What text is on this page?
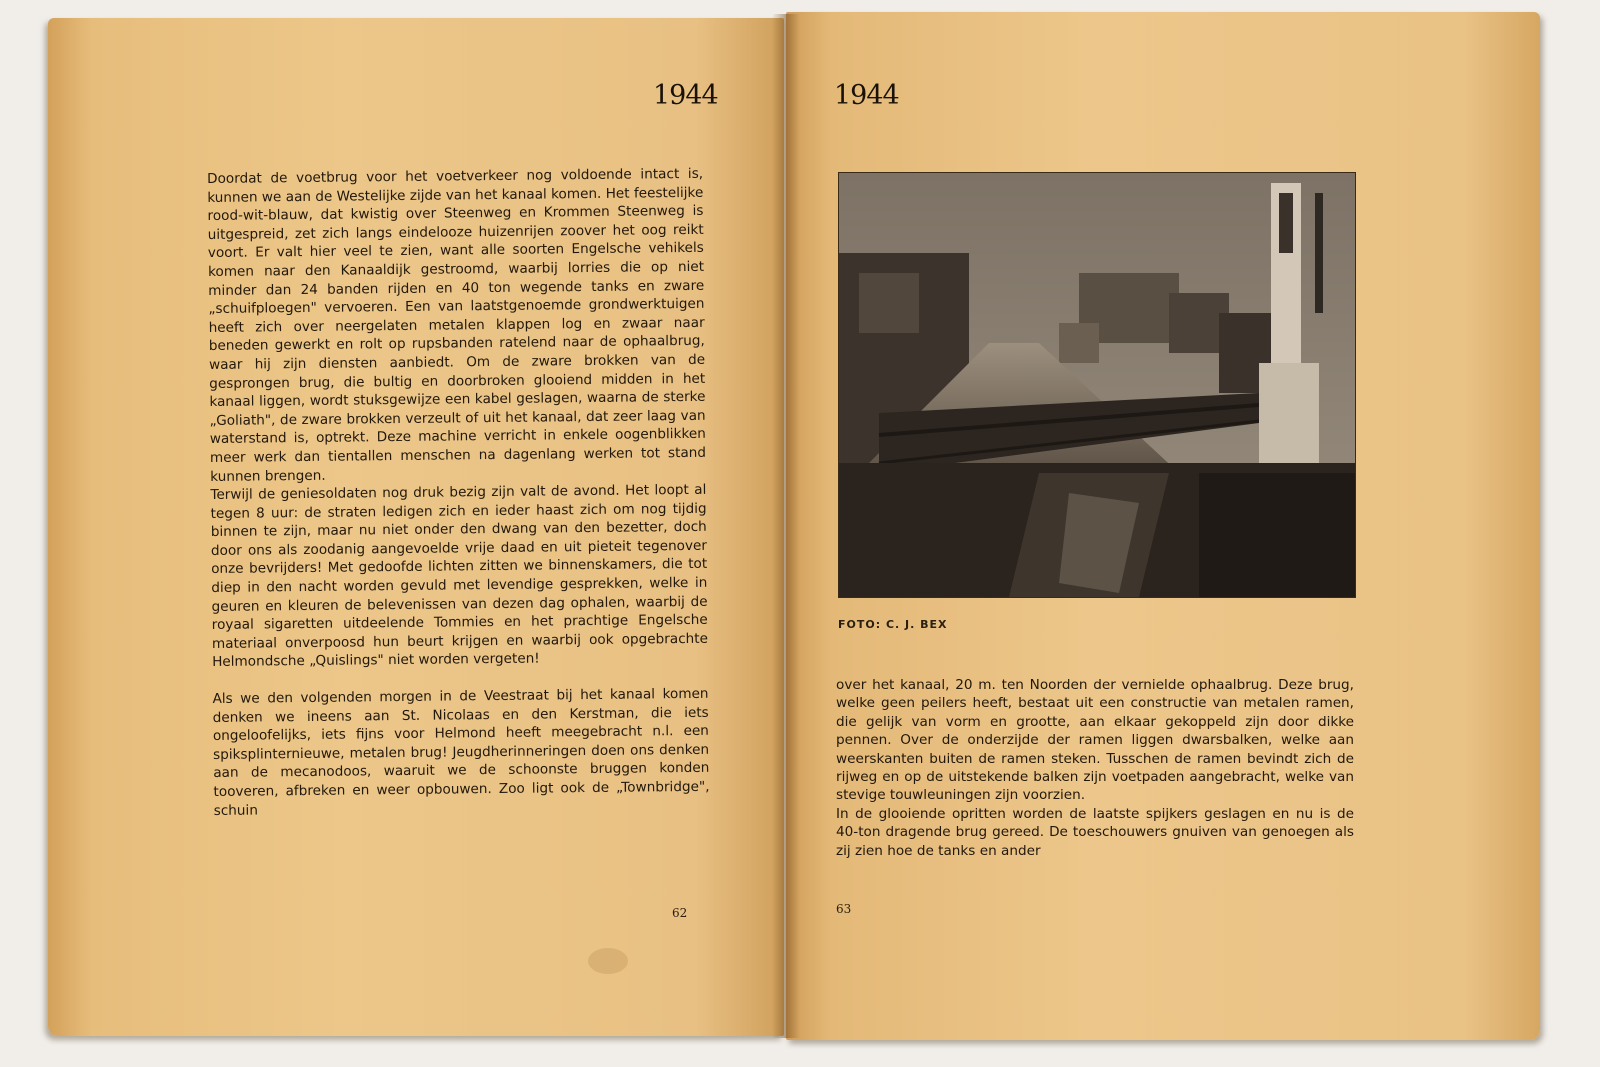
1944

Doordat de voetbrug voor het voetverkeer nog voldoende intact is, kunnen we aan de Westelijke zijde van het kanaal komen. Het feestelijke rood-wit-blauw, dat kwistig over Steenweg en Krommen Steenweg is uitgespreid, zet zich langs eindelooze huizenrijen zoover het oog reikt voort. Er valt hier veel te zien, want alle soorten Engelsche vehikels komen naar den Kanaaldijk gestroomd, waarbij lorries die op niet minder dan 24 banden rijden en 40 ton wegende tanks en zware „schuifploegen" vervoeren. Een van laatstgenoemde grondwerktuigen heeft zich over neergelaten metalen klappen log en zwaar naar beneden gewerkt en rolt op rupsbanden ratelend naar de ophaalbrug, waar hij zijn diensten aanbiedt. Om de zware brokken van de gesprongen brug, die bultig en doorbroken glooiend midden in het kanaal liggen, wordt stuksgewijze een kabel geslagen, waarna de sterke „Goliath", de zware brokken verzeult of uit het kanaal, dat zeer laag van waterstand is, optrekt. Deze machine verricht in enkele oogenblikken meer werk dan tientallen menschen na dagenlang werken tot stand kunnen brengen.
Terwijl de geniesoldaten nog druk bezig zijn valt de avond. Het loopt al tegen 8 uur: de straten ledigen zich en ieder haast zich om nog tijdig binnen te zijn, maar nu niet onder den dwang van den bezetter, doch door ons als zoodanig aangevoelde vrije daad en uit pieteit tegenover onze bevrijders! Met gedoofde lichten zitten we binnenskamers, die tot diep in den nacht worden gevuld met levendige gesprekken, welke in geuren en kleuren de belevenissen van dezen dag ophalen, waarbij de royaal sigaretten uitdeelende Tommies en het prachtige Engelsche materiaal onverpoosd hun beurt krijgen en waarbij ook opgebrachte Helmondsche „Quislings" niet worden vergeten!

Als we den volgenden morgen in de Veestraat bij het kanaal komen denken we ineens aan St. Nicolaas en den Kerstman, die iets ongeloofelijks, iets fijns voor Helmond heeft meegebracht n.l. een spiksplinternieuwe, metalen brug! Jeugdherinneringen doen ons denken aan de mecanodoos, waaruit we de schoonste bruggen konden tooveren, afbreken en weer opbouwen. Zoo ligt ook de „Townbridge", schuin

62
1944
FOTO: C. J. BEX

over het kanaal, 20 m. ten Noorden der vernielde ophaalbrug. Deze brug, welke geen peilers heeft, bestaat uit een constructie van metalen ramen, die gelijk van vorm en grootte, aan elkaar gekoppeld zijn door dikke pennen. Over de onderzijde der ramen liggen dwarsbalken, welke aan weerskanten buiten de ramen steken. Tusschen de ramen bevindt zich de rijweg en op de uitstekende balken zijn voetpaden aangebracht, welke van stevige touwleuningen zijn voorzien.

In de glooiende opritten worden de laatste spijkers geslagen en nu is de 40-ton dragende brug gereed. De toeschouwers gnuiven van genoegen als zij zien hoe de tanks en ander

63
